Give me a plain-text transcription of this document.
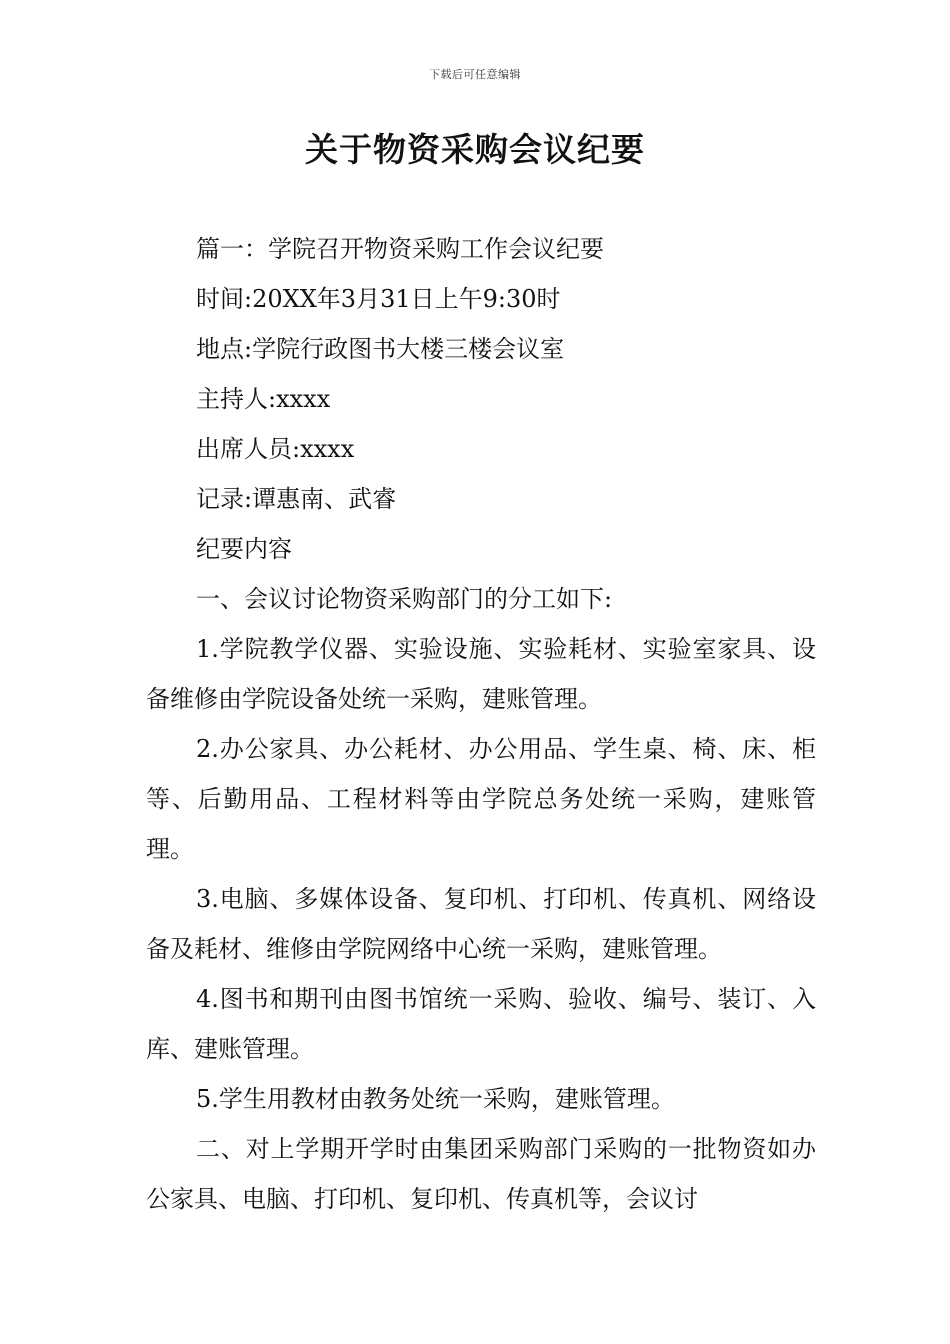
下载后可任意编辑
关于物资采购会议纪要

篇一：学院召开物资采购工作会议纪要

时间:20XX年3月31日上午9:30时

地点:学院行政图书大楼三楼会议室

主持人:xxxx

出席人员:xxxx

记录:谭惠南、武睿

纪要内容

一、会议讨论物资采购部门的分工如下:

1.学院教学仪器、实验设施、实验耗材、实验室家具、设备维修由学院设备处统一采购，建账管理。

2.办公家具、办公耗材、办公用品、学生桌、椅、床、柜等、后勤用品、工程材料等由学院总务处统一采购，建账管理。

3.电脑、多媒体设备、复印机、打印机、传真机、网络设备及耗材、维修由学院网络中心统一采购，建账管理。

4.图书和期刊由图书馆统一采购、验收、编号、装订、入库、建账管理。

5.学生用教材由教务处统一采购，建账管理。

二、对上学期开学时由集团采购部门采购的一批物资如办公家具、电脑、打印机、复印机、传真机等，会议讨
